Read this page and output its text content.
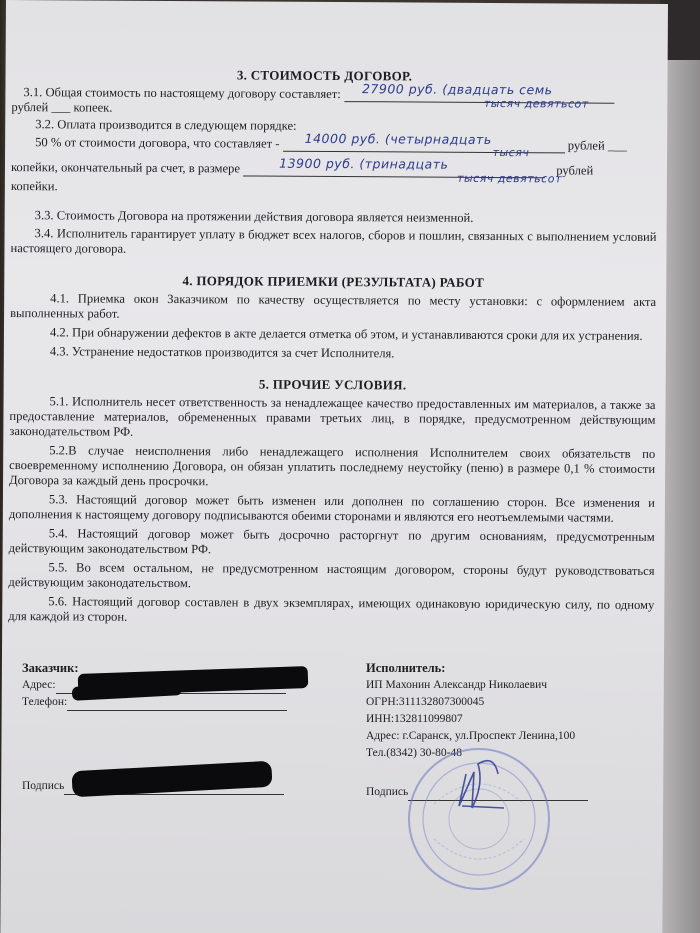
3. СТОИМОСТЬ ДОГОВОР.
3.1. Общая стоимость по настоящему договору составляет: 27900 руб. (двадцать семь
тысяч девятьсот
рублей ___ копеек.
3.2. Оплата производится в следующем порядке:
50 % от стоимости договора, что составляет - 14000 руб. (четырнадцать
тысяч	рублей ___
копейки, окончательный ра счет, в размере	13900 руб. (тринадцать
тысяч девятьсот
рублей
копейки.

3.3. Стоимость Договора на протяжении действия договора является неизменной.

3.4. Исполнитель гарантирует уплату в бюджет всех налогов, сборов и пошлин, связанных с выполнением условий настоящего договора.

4. ПОРЯДОК ПРИЕМКИ (РЕЗУЛЬТАТА) РАБОТ

4.1. Приемка окон Заказчиком по качеству осуществляется по месту установки: с оформлением акта выполненных работ.

4.2. При обнаружении дефектов в акте делается отметка об этом, и устанавливаются сроки для их устранения.

4.3. Устранение недостатков производится за счет Исполнителя.

5. ПРОЧИЕ УСЛОВИЯ.

5.1. Исполнитель несет ответственность за ненадлежащее качество предоставленных им материалов, а также за предоставление материалов, обремененных правами третьих лиц, в порядке, предусмотренном действующим законодательством РФ.

5.2.В случае неисполнения либо ненадлежащего исполнения Исполнителем своих обязательств по своевременному исполнению Договора, он обязан уплатить последнему неустойку (пеню) в размере 0,1 % стоимости Договора за каждый день просрочки.

5.3. Настоящий договор может быть изменен или дополнен по соглашению сторон. Все изменения и дополнения к настоящему договору подписываются обеими сторонами и являются его неотъемлемыми частями.

5.4. Настоящий договор может быть досрочно расторгнут по другим основаниям, предусмотренным действующим законодательством РФ.

5.5. Во всем остальном, не предусмотренном настоящим договором, стороны будут руководствоваться действующим законодательством.

5.6. Настоящий договор составлен в двух экземплярах, имеющих одинаковую юридическую силу, по одному для каждой из сторон.

Заказчик:
Адрес:
Телефон:
Подпись
Исполнитель:
ИП Махонин Александр Николаевич
ОГРН:311132807300045
ИНН:132811099807
Адрес: г.Саранск, ул.Проспект Ленина,100
Тел.(8342) 30-80-48
Подпись
